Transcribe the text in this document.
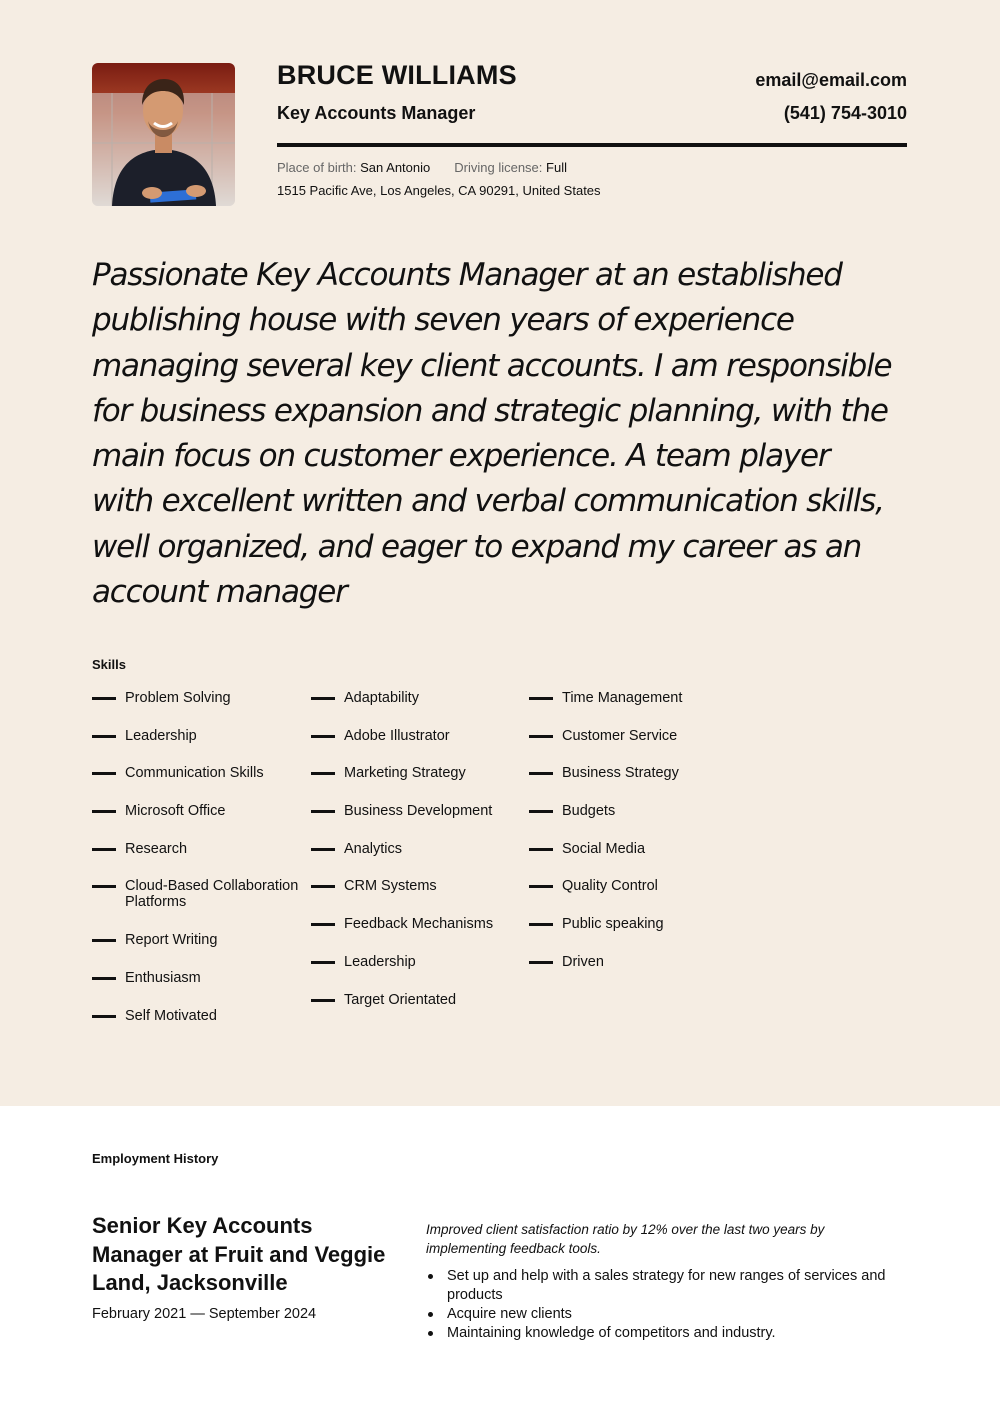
BRUCE WILLIAMS
Key Accounts Manager
email@email.com
(541) 754-3010
Place of birth: San Antonio Driving license: Full
1515 Pacific Ave, Los Angeles, CA 90291, United States
Passionate Key Accounts Manager at an established publishing house with seven years of experience managing several key client accounts. I am responsible for business expansion and strategic planning, with the main focus on customer experience. A team player with excellent written and verbal communication skills, well organized, and eager to expand my career as an account manager
Skills
Problem Solving
Leadership
Communication Skills
Microsoft Office
Research
Cloud-Based Collaboration Platforms
Report Writing
Enthusiasm
Self Motivated
Adaptability
Adobe Illustrator
Marketing Strategy
Business Development
Analytics
CRM Systems
Feedback Mechanisms
Leadership
Target Orientated
Time Management
Customer Service
Business Strategy
Budgets
Social Media
Quality Control
Public speaking
Driven
Employment History
Senior Key Accounts Manager at Fruit and Veggie Land, Jacksonville
February 2021 — September 2024
Improved client satisfaction ratio by 12% over the last two years by implementing feedback tools.
Set up and help with a sales strategy for new ranges of services and products
Acquire new clients
Maintaining knowledge of competitors and industry.
